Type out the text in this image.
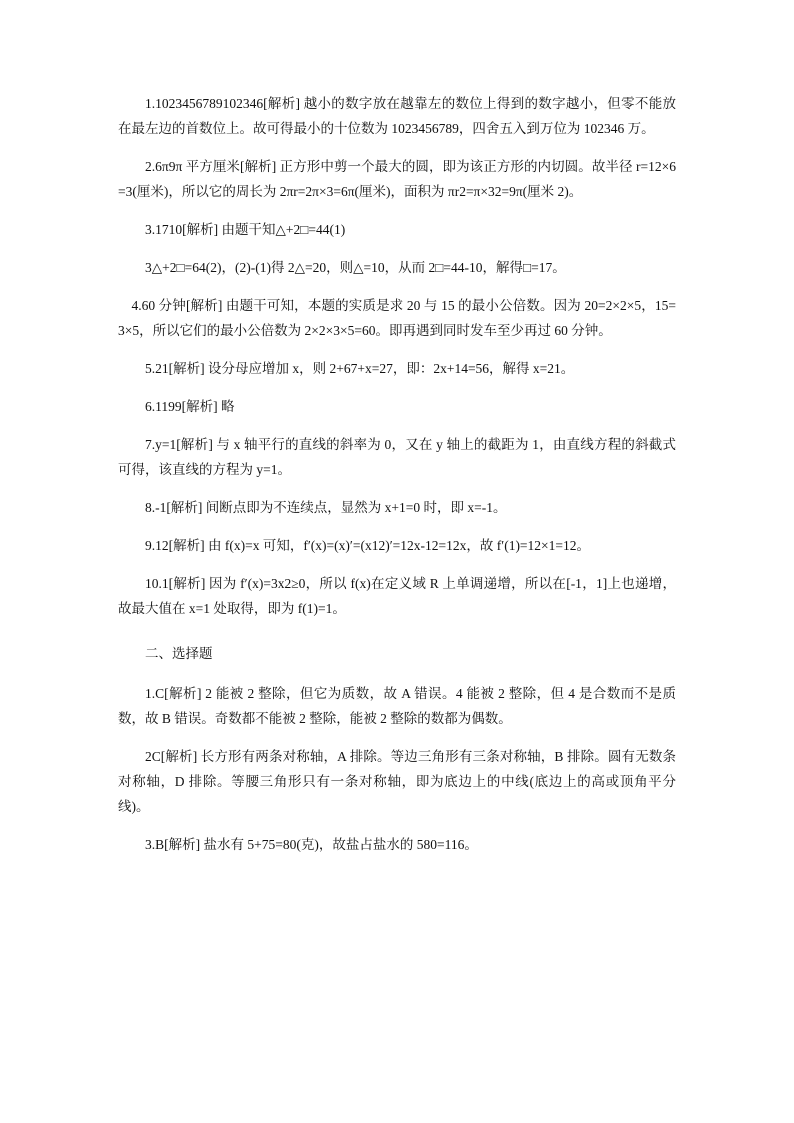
1.1023456789102346[解析] 越小的数字放在越靠左的数位上得到的数字越小，但零不能放在最左边的首数位上。故可得最小的十位数为 1023456789，四舍五入到万位为 102346 万。

2.6π9π 平方厘米[解析] 正方形中剪一个最大的圆，即为该正方形的内切圆。故半径 r=12×6=3(厘米)，所以它的周长为 2πr=2π×3=6π(厘米)，面积为 πr2=π×32=9π(厘米 2)。

3.1710[解析] 由题干知△+2□=44(1)

3△+2□=64(2)，(2)-(1)得 2△=20，则△=10，从而 2□=44-10，解得□=17。

4.60 分钟[解析] 由题干可知，本题的实质是求 20 与 15 的最小公倍数。因为 20=2×2×5，15=3×5，所以它们的最小公倍数为 2×2×3×5=60。即再遇到同时发车至少再过 60 分钟。

5.21[解析] 设分母应增加 x，则 2+67+x=27，即：2x+14=56，解得 x=21。

6.1199[解析] 略

7.y=1[解析] 与 x 轴平行的直线的斜率为 0，又在 y 轴上的截距为 1，由直线方程的斜截式可得，该直线的方程为 y=1。

8.-1[解析] 间断点即为不连续点，显然为 x+1=0 时，即 x=-1。

9.12[解析] 由 f(x)=x 可知，f′(x)=(x)′=(x12)′=12x-12=12x，故 f′(1)=12×1=12。

10.1[解析] 因为 f′(x)=3x2≥0，所以 f(x)在定义域 R 上单调递增，所以在[-1，1]上也递增，故最大值在 x=1 处取得，即为 f(1)=1。

二、选择题

1.C[解析] 2 能被 2 整除，但它为质数，故 A 错误。4 能被 2 整除，但 4 是合数而不是质数，故 B 错误。奇数都不能被 2 整除，能被 2 整除的数都为偶数。

2C[解析] 长方形有两条对称轴，A 排除。等边三角形有三条对称轴，B 排除。圆有无数条对称轴，D 排除。等腰三角形只有一条对称轴，即为底边上的中线(底边上的高或顶角平分线)。

3.B[解析] 盐水有 5+75=80(克)，故盐占盐水的 580=116。
